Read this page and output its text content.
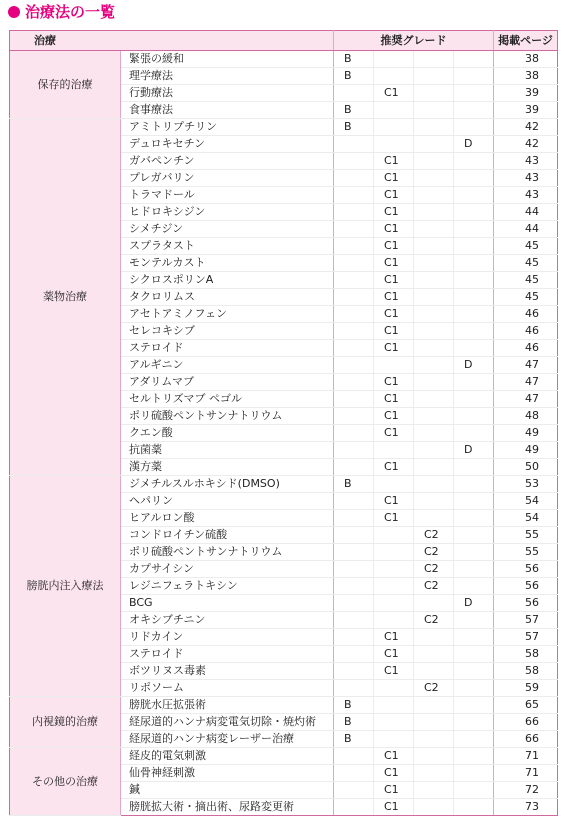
治療法の一覧
治療		推奨グレード				掲載ページ
保存的治療	緊張の緩和	B				38
	理学療法	B				38
	行動療法		C1			39
	食事療法	B				39
薬物治療	アミトリプチリン	B				42
	デュロキセチン				D	42
	ガバペンチン		C1			43
	プレガバリン		C1			43
	トラマドール		C1			43
	ヒドロキシジン		C1			44
	シメチジン		C1			44
	スプラタスト		C1			45
	モンテルカスト		C1			45
	シクロスポリンA		C1			45
	タクロリムス		C1			45
	アセトアミノフェン		C1			46
	セレコキシブ		C1			46
	ステロイド		C1			46
	アルギニン				D	47
	アダリムマブ		C1			47
	セルトリズマブ ペゴル		C1			47
	ポリ硫酸ペントサンナトリウム		C1			48
	クエン酸		C1			49
	抗菌薬				D	49
	漢方薬		C1			50
膀胱内注入療法	ジメチルスルホキシド(DMSO)	B				53
	ヘパリン		C1			54
	ヒアルロン酸		C1			54
	コンドロイチン硫酸			C2		55
	ポリ硫酸ペントサンナトリウム			C2		55
	カプサイシン			C2		56
	レジニフェラトキシン			C2		56
	BCG				D	56
	オキシブチニン			C2		57
	リドカイン		C1			57
	ステロイド		C1			58
	ボツリヌス毒素		C1			58
	リポソーム			C2		59
内視鏡的治療	膀胱水圧拡張術	B				65
	経尿道的ハンナ病変電気切除・焼灼術	B				66
	経尿道的ハンナ病変レーザー治療	B				66
その他の治療	経皮的電気刺激		C1			71
	仙骨神経刺激		C1			71
	鍼		C1			72
	膀胱拡大術・摘出術、尿路変更術		C1			73
